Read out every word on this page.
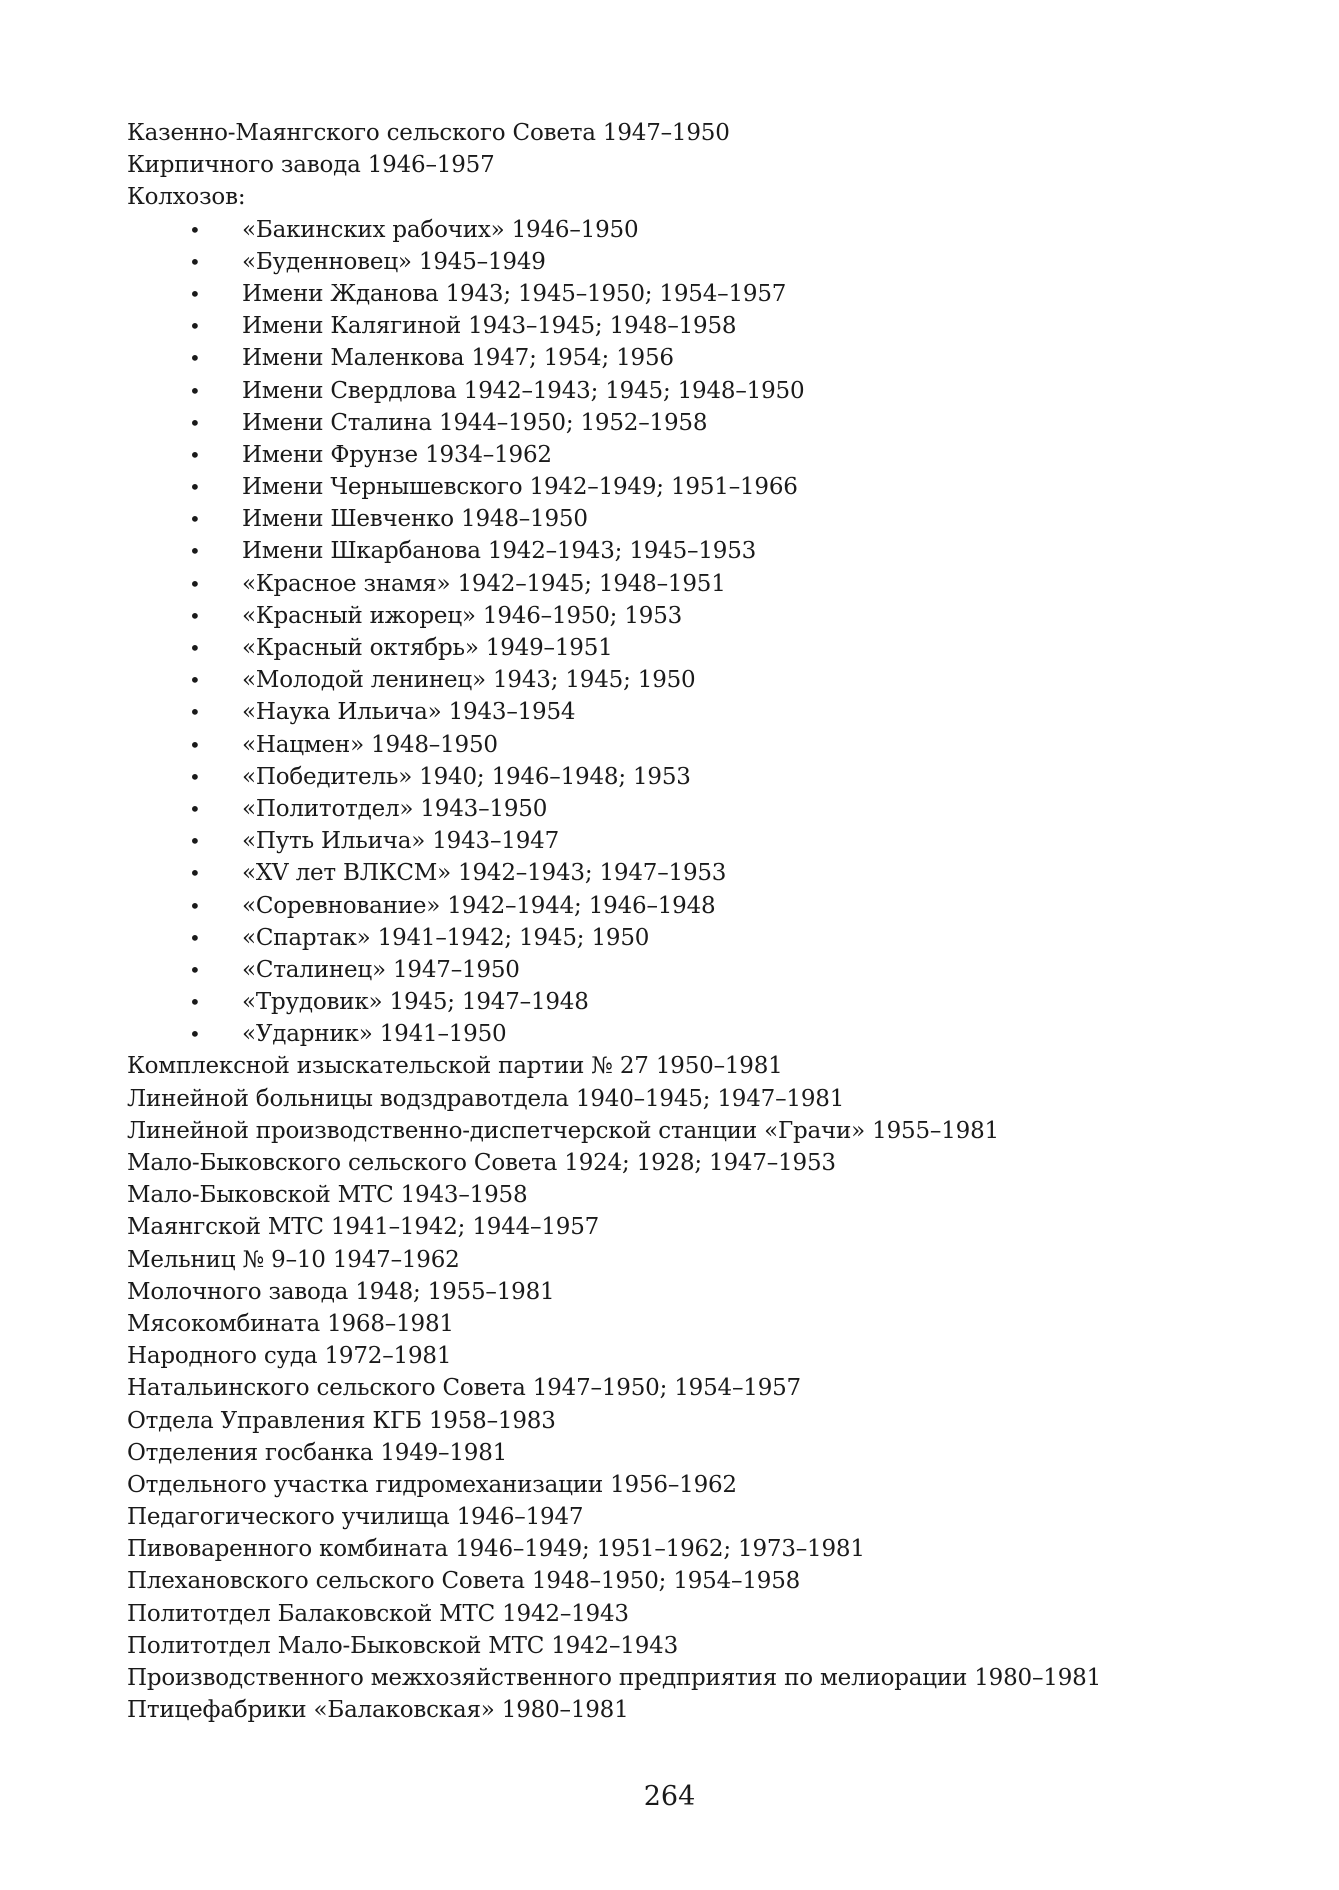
Казенно-Маянгского сельского Совета 1947–1950
Кирпичного завода 1946–1957
Колхозов:
• «Бакинских рабочих» 1946–1950
• «Буденновец» 1945–1949
• Имени Жданова 1943; 1945–1950; 1954–1957
• Имени Калягиной 1943–1945; 1948–1958
• Имени Маленкова 1947; 1954; 1956
• Имени Свердлова 1942–1943; 1945; 1948–1950
• Имени Сталина 1944–1950; 1952–1958
• Имени Фрунзе 1934–1962
• Имени Чернышевского 1942–1949; 1951–1966
• Имени Шевченко 1948–1950
• Имени Шкарбанова 1942–1943; 1945–1953
• «Красное знамя» 1942–1945; 1948–1951
• «Красный ижорец» 1946–1950; 1953
• «Красный октябрь» 1949–1951
• «Молодой ленинец» 1943; 1945; 1950
• «Наука Ильича» 1943–1954
• «Нацмен» 1948–1950
• «Победитель» 1940; 1946–1948; 1953
• «Политотдел» 1943–1950
• «Путь Ильича» 1943–1947
• «XV лет ВЛКСМ» 1942–1943; 1947–1953
• «Соревнование» 1942–1944; 1946–1948
• «Спартак» 1941–1942; 1945; 1950
• «Сталинец» 1947–1950
• «Трудовик» 1945; 1947–1948
• «Ударник» 1941–1950
Комплексной изыскательской партии № 27 1950–1981
Линейной больницы водздравотдела 1940–1945; 1947–1981
Линейной производственно-диспетчерской станции «Грачи» 1955–1981
Мало-Быковского сельского Совета 1924; 1928; 1947–1953
Мало-Быковской МТС 1943–1958
Маянгской МТС 1941–1942; 1944–1957
Мельниц № 9–10 1947–1962
Молочного завода 1948; 1955–1981
Мясокомбината 1968–1981
Народного суда 1972–1981
Натальинского сельского Совета 1947–1950; 1954–1957
Отдела Управления КГБ 1958–1983
Отделения госбанка 1949–1981
Отдельного участка гидромеханизации 1956–1962
Педагогического училища 1946–1947
Пивоваренного комбината 1946–1949; 1951–1962; 1973–1981
Плехановского сельского Совета 1948–1950; 1954–1958
Политотдел Балаковской МТС 1942–1943
Политотдел Мало-Быковской МТС 1942–1943
Производственного межхозяйственного предприятия по мелиорации 1980–1981
Птицефабрики «Балаковская» 1980–1981
264
